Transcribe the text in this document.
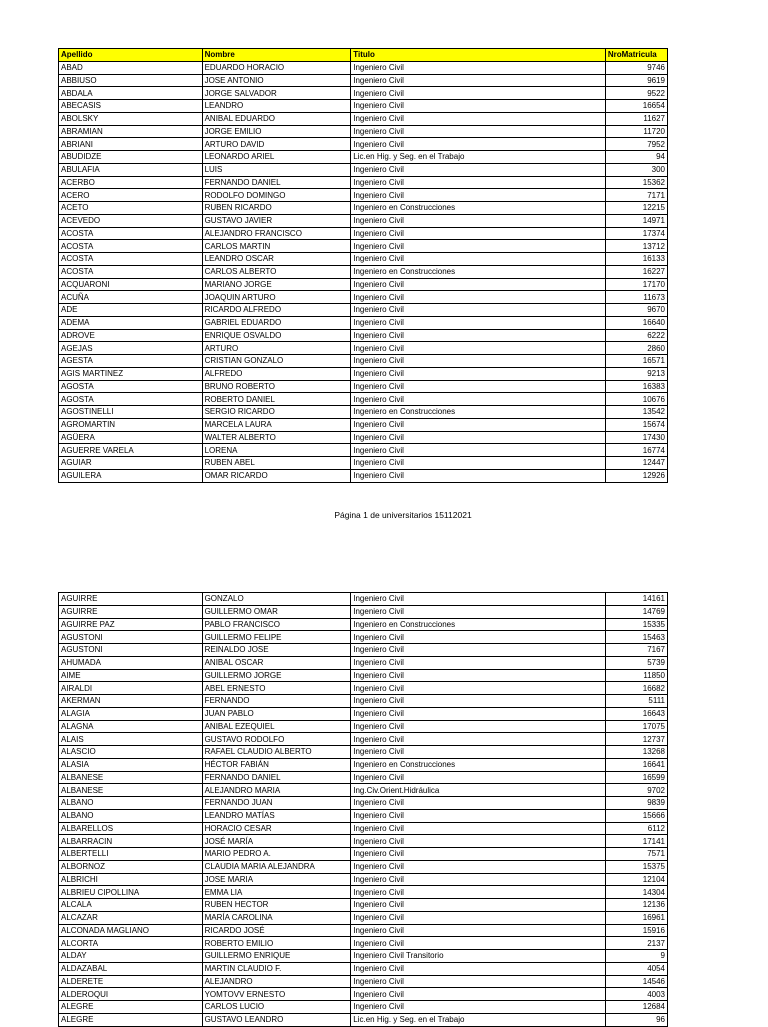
Apellido	Nombre	Titulo	NroMatricula
ABAD	EDUARDO HORACIO	Ingeniero Civil	9746
ABBIUSO	JOSE ANTONIO	Ingeniero Civil	9619
ABDALA	JORGE SALVADOR	Ingeniero Civil	9522
ABECASIS	LEANDRO	Ingeniero Civil	16654
ABOLSKY	ANIBAL EDUARDO	Ingeniero Civil	11627
ABRAMIAN	JORGE EMILIO	Ingeniero Civil	11720
ABRIANI	ARTURO DAVID	Ingeniero Civil	7952
ABUDIDZE	LEONARDO ARIEL	Lic.en Hig. y Seg. en el Trabajo	94
ABULAFIA	LUIS	Ingeniero Civil	300
ACERBO	FERNANDO DANIEL	Ingeniero Civil	15362
ACERO	RODOLFO DOMINGO	Ingeniero Civil	7171
ACETO	RUBEN RICARDO	Ingeniero en Construcciones	12215
ACEVEDO	GUSTAVO JAVIER	Ingeniero Civil	14971
ACOSTA	ALEJANDRO FRANCISCO	Ingeniero Civil	17374
ACOSTA	CARLOS MARTIN	Ingeniero Civil	13712
ACOSTA	LEANDRO OSCAR	Ingeniero Civil	16133
ACOSTA	CARLOS ALBERTO	Ingeniero en Construcciones	16227
ACQUARONI	MARIANO JORGE	Ingeniero Civil	17170
ACUÑA	JOAQUIN ARTURO	Ingeniero Civil	11673
ADE	RICARDO ALFREDO	Ingeniero Civil	9670
ADEMA	GABRIEL EDUARDO	Ingeniero Civil	16640
ADROVE	ENRIQUE OSVALDO	Ingeniero Civil	6222
AGEJAS	ARTURO	Ingeniero Civil	2860
AGESTA	CRISTIAN GONZALO	Ingeniero Civil	16571
AGIS MARTINEZ	ALFREDO	Ingeniero Civil	9213
AGOSTA	BRUNO ROBERTO	Ingeniero Civil	16383
AGOSTA	ROBERTO DANIEL	Ingeniero Civil	10676
AGOSTINELLI	SERGIO RICARDO	Ingeniero en Construcciones	13542
AGROMARTIN	MARCELA LAURA	Ingeniero Civil	15674
AGÜERA	WALTER ALBERTO	Ingeniero Civil	17430
AGUERRE VARELA	LORENA	Ingeniero Civil	16774
AGUIAR	RUBEN ABEL	Ingeniero Civil	12447
AGUILERA	OMAR RICARDO	Ingeniero Civil	12926
Página 1 de universitarios 15112021
AGUIRRE	GONZALO	Ingeniero Civil	14161
AGUIRRE	GUILLERMO OMAR	Ingeniero Civil	14769
AGUIRRE PAZ	PABLO FRANCISCO	Ingeniero en Construcciones	15335
AGUSTONI	GUILLERMO FELIPE	Ingeniero Civil	15463
AGUSTONI	REINALDO JOSE	Ingeniero Civil	7167
AHUMADA	ANIBAL OSCAR	Ingeniero Civil	5739
AIME	GUILLERMO JORGE	Ingeniero Civil	11850
AIRALDI	ABEL ERNESTO	Ingeniero Civil	16682
AKERMAN	FERNANDO	Ingeniero Civil	5111
ALAGIA	JUAN PABLO	Ingeniero Civil	16643
ALAGNA	ANIBAL EZEQUIEL	Ingeniero Civil	17075
ALAIS	GUSTAVO RODOLFO	Ingeniero Civil	12737
ALASCIO	RAFAEL CLAUDIO ALBERTO	Ingeniero Civil	13268
ALASIA	HÉCTOR FABIÁN	Ingeniero en Construcciones	16641
ALBANESE	FERNANDO DANIEL	Ingeniero Civil	16599
ALBANESE	ALEJANDRO MARIA	Ing.Civ.Orient.Hidráulica	9702
ALBANO	FERNANDO JUAN	Ingeniero Civil	9839
ALBANO	LEANDRO MATÍAS	Ingeniero Civil	15666
ALBARELLOS	HORACIO CESAR	Ingeniero Civil	6112
ALBARRACIN	JOSÉ MARÍA	Ingeniero Civil	17141
ALBERTELLI	MARIO PEDRO A.	Ingeniero Civil	7571
ALBORNOZ	CLAUDIA MARIA ALEJANDRA	Ingeniero Civil	15375
ALBRICHI	JOSE MARIA	Ingeniero Civil	12104
ALBRIEU CIPOLLINA	EMMA LIA	Ingeniero Civil	14304
ALCALA	RUBEN HECTOR	Ingeniero Civil	12136
ALCAZAR	MARÍA CAROLINA	Ingeniero Civil	16961
ALCONADA MAGLIANO	RICARDO JOSÉ	Ingeniero Civil	15916
ALCORTA	ROBERTO EMILIO	Ingeniero Civil	2137
ALDAY	GUILLERMO ENRIQUE	Ingeniero Civil Transitorio	9
ALDAZABAL	MARTIN CLAUDIO F.	Ingeniero Civil	4054
ALDERETE	ALEJANDRO	Ingeniero Civil	14546
ALDEROQUI	YOMTOVV ERNESTO	Ingeniero Civil	4003
ALEGRE	CARLOS LUCIO	Ingeniero Civil	12684
ALEGRE	GUSTAVO LEANDRO	Lic.en Hig. y Seg. en el Trabajo	96
